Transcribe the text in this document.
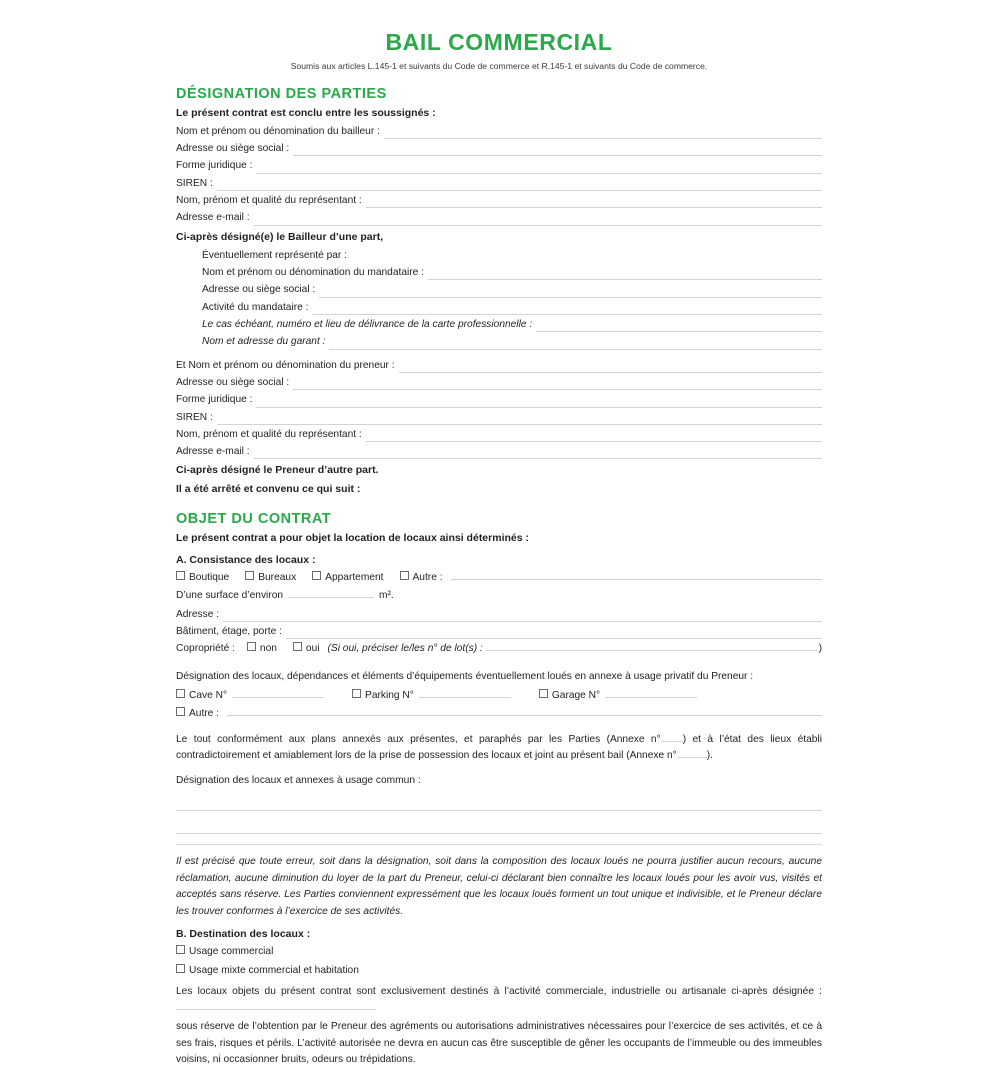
BAIL COMMERCIAL

Soumis aux articles L.145-1 et suivants du Code de commerce et R.145-1 et suivants du Code de commerce.

DÉSIGNATION DES PARTIES

Le présent contrat est conclu entre les soussignés :

Nom et prénom ou dénomination du bailleur :
Adresse ou siège social :
Forme juridique :
SIREN :
Nom, prénom et qualité du représentant :
Adresse e-mail :

Ci-après désigné(e) le Bailleur d’une part,

Éventuellement représenté par :
Nom et prénom ou dénomination du mandataire :
Adresse ou siège social :
Activité du mandataire :
Le cas échéant, numéro et lieu de délivrance de la carte professionnelle :
Nom et adresse du garant :
Et Nom et prénom ou dénomination du preneur :
Adresse ou siège social :
Forme juridique :
SIREN :
Nom, prénom et qualité du représentant :
Adresse e-mail :

Ci-après désigné le Preneur d’autre part.

Il a été arrêté et convenu ce qui suit :

OBJET DU CONTRAT

Le présent contrat a pour objet la location de locaux ainsi déterminés :

A. Consistance des locaux :

Boutique	Bureaux	Appartement	Autre :
D’une surface d’environ	m².
Adresse :
Bâtiment, étage, porte :
Copropriété : non	oui (Si oui, préciser le/les n° de lot(s) :	)

Désignation des locaux, dépendances et éléments d’équipements éventuellement loués en annexe à usage privatif du Preneur :

Cave N°	Parking N°	Garage N°
Autre :

Le tout conformément aux plans annexés aux présentes, et paraphés par les Parties (Annexe n° ) et à l’état des lieux établi contradictoirement et amiablement lors de la prise de possession des locaux et joint au présent bail (Annexe n°	).

Désignation des locaux et annexes à usage commun :

Il est précisé que toute erreur, soit dans la désignation, soit dans la composition des locaux loués ne pourra justifier aucun recours, aucune réclamation, aucune diminution du loyer de la part du Preneur, celui-ci déclarant bien connaître les locaux loués pour les avoir vus, visités et acceptés sans réserve. Les Parties conviennent expressément que les locaux loués forment un tout unique et indivisible, et le Preneur déclare les trouver conformes à l’exercice de ses activités.

B. Destination des locaux :

Usage commercial
Usage mixte commercial et habitation

Les locaux objets du présent contrat sont exclusivement destinés à l’activité commerciale, industrielle ou artisanale ci-après désignée :

sous réserve de l’obtention par le Preneur des agréments ou autorisations administratives nécessaires pour l’exercice de ses activités, et ce à ses frais, risques et périls. L’activité autorisée ne devra en aucun cas être susceptible de gêner les occupants de l’immeuble ou des immeubles voisins, ni occasionner bruits, odeurs ou trépidations.
